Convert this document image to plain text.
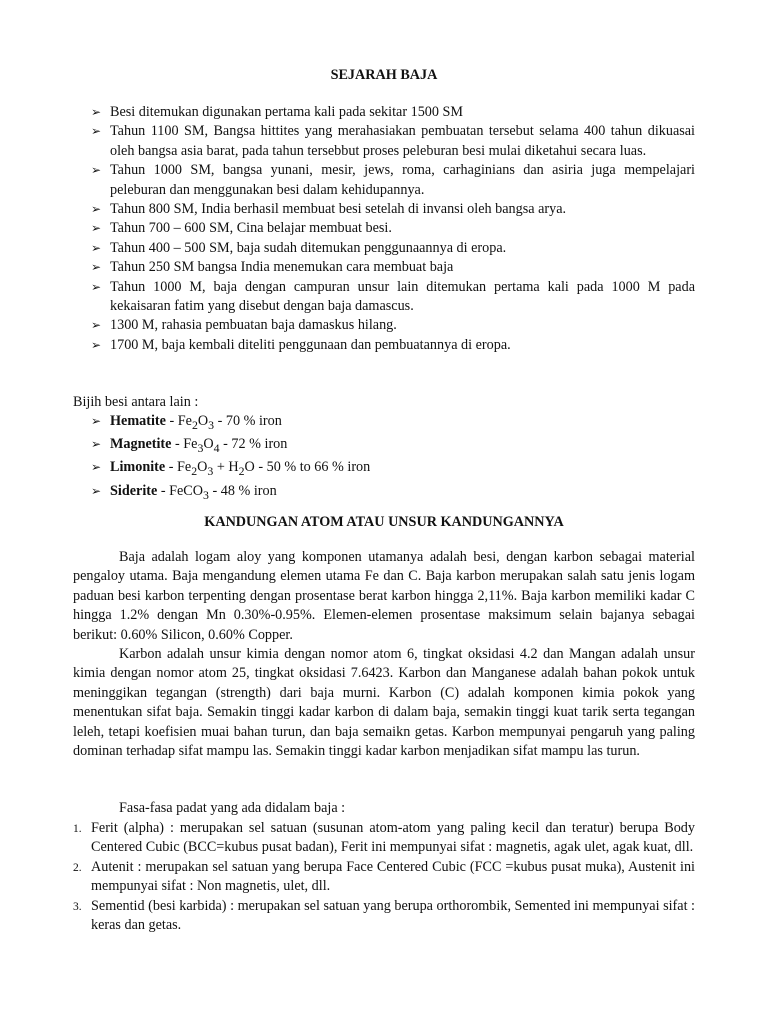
SEJARAH BAJA
➢ Besi ditemukan digunakan pertama kali pada sekitar 1500 SM
➢ Tahun 1100 SM, Bangsa hittites yang merahasiakan pembuatan tersebut selama 400 tahun dikuasai oleh bangsa asia barat, pada tahun tersebbut proses peleburan besi mulai diketahui secara luas.
➢ Tahun 1000 SM, bangsa yunani, mesir, jews, roma, carhaginians dan asiria juga mempelajari peleburan dan menggunakan besi dalam kehidupannya.
➢ Tahun 800 SM, India berhasil membuat besi setelah di invansi oleh bangsa arya.
➢ Tahun 700 – 600 SM, Cina belajar membuat besi.
➢ Tahun 400 – 500 SM, baja sudah ditemukan penggunaannya di eropa.
➢ Tahun 250 SM bangsa India menemukan cara membuat baja
➢ Tahun 1000 M, baja dengan campuran unsur lain ditemukan pertama kali pada 1000 M pada kekaisaran fatim yang disebut dengan baja damascus.
➢ 1300 M, rahasia pembuatan baja damaskus hilang.
➢ 1700 M, baja kembali diteliti penggunaan dan pembuatannya di eropa.
Bijih besi antara lain :
➢ Hematite - $Fe_2O_3 - 70$ % iron
➢ Magnetite - $Fe_3O_4 - 72$ % iron
➢ Limonite - $Fe_2O_3 + H_2O - 50$ % to 66 % iron
➢ Siderite - FeCO$_3$ - 48 % iron
KANDUNGAN ATOM ATAU UNSUR KANDUNGANNYA
Baja adalah logam aloy yang komponen utamanya adalah besi, dengan karbon sebagai material pengaloy utama. Baja mengandung elemen utama Fe dan C. Baja karbon merupakan salah satu jenis logam paduan besi karbon terpenting dengan prosentase berat karbon hingga 2,11%. Baja karbon memiliki kadar C hingga 1.2% dengan Mn 0.30%-0.95%. Elemen-elemen prosentase maksimum selain bajanya sebagai berikut: 0.60% Silicon, 0.60% Copper.
Karbon adalah unsur kimia dengan nomor atom 6, tingkat oksidasi 4.2 dan Mangan adalah unsur kimia dengan nomor atom 25, tingkat oksidasi 7.6423. Karbon dan Manganese adalah bahan pokok untuk meninggikan tegangan (strength) dari baja murni. Karbon (C) adalah komponen kimia pokok yang menentukan sifat baja. Semakin tinggi kadar karbon di dalam baja, semakin tinggi kuat tarik serta tegangan leleh, tetapi koefisien muai bahan turun, dan baja semaikn getas. Karbon mempunyai pengaruh yang paling dominan terhadap sifat mampu las. Semakin tinggi kadar karbon menjadikan sifat mampu las turun.
Fasa-fasa padat yang ada didalam baja :
1. Ferit (alpha) : merupakan sel satuan (susunan atom-atom yang paling kecil dan teratur) berupa Body Centered Cubic (BCC=kubus pusat badan), Ferit ini mempunyai sifat : magnetis, agak ulet, agak kuat, dll.
2. Autenit : merupakan sel satuan yang berupa Face Centered Cubic (FCC =kubus pusat muka), Austenit ini mempunyai sifat : Non magnetis, ulet, dll.
3. Sementid (besi karbida) : merupakan sel satuan yang berupa orthorombik, Semented ini mempunyai sifat : keras dan getas.
